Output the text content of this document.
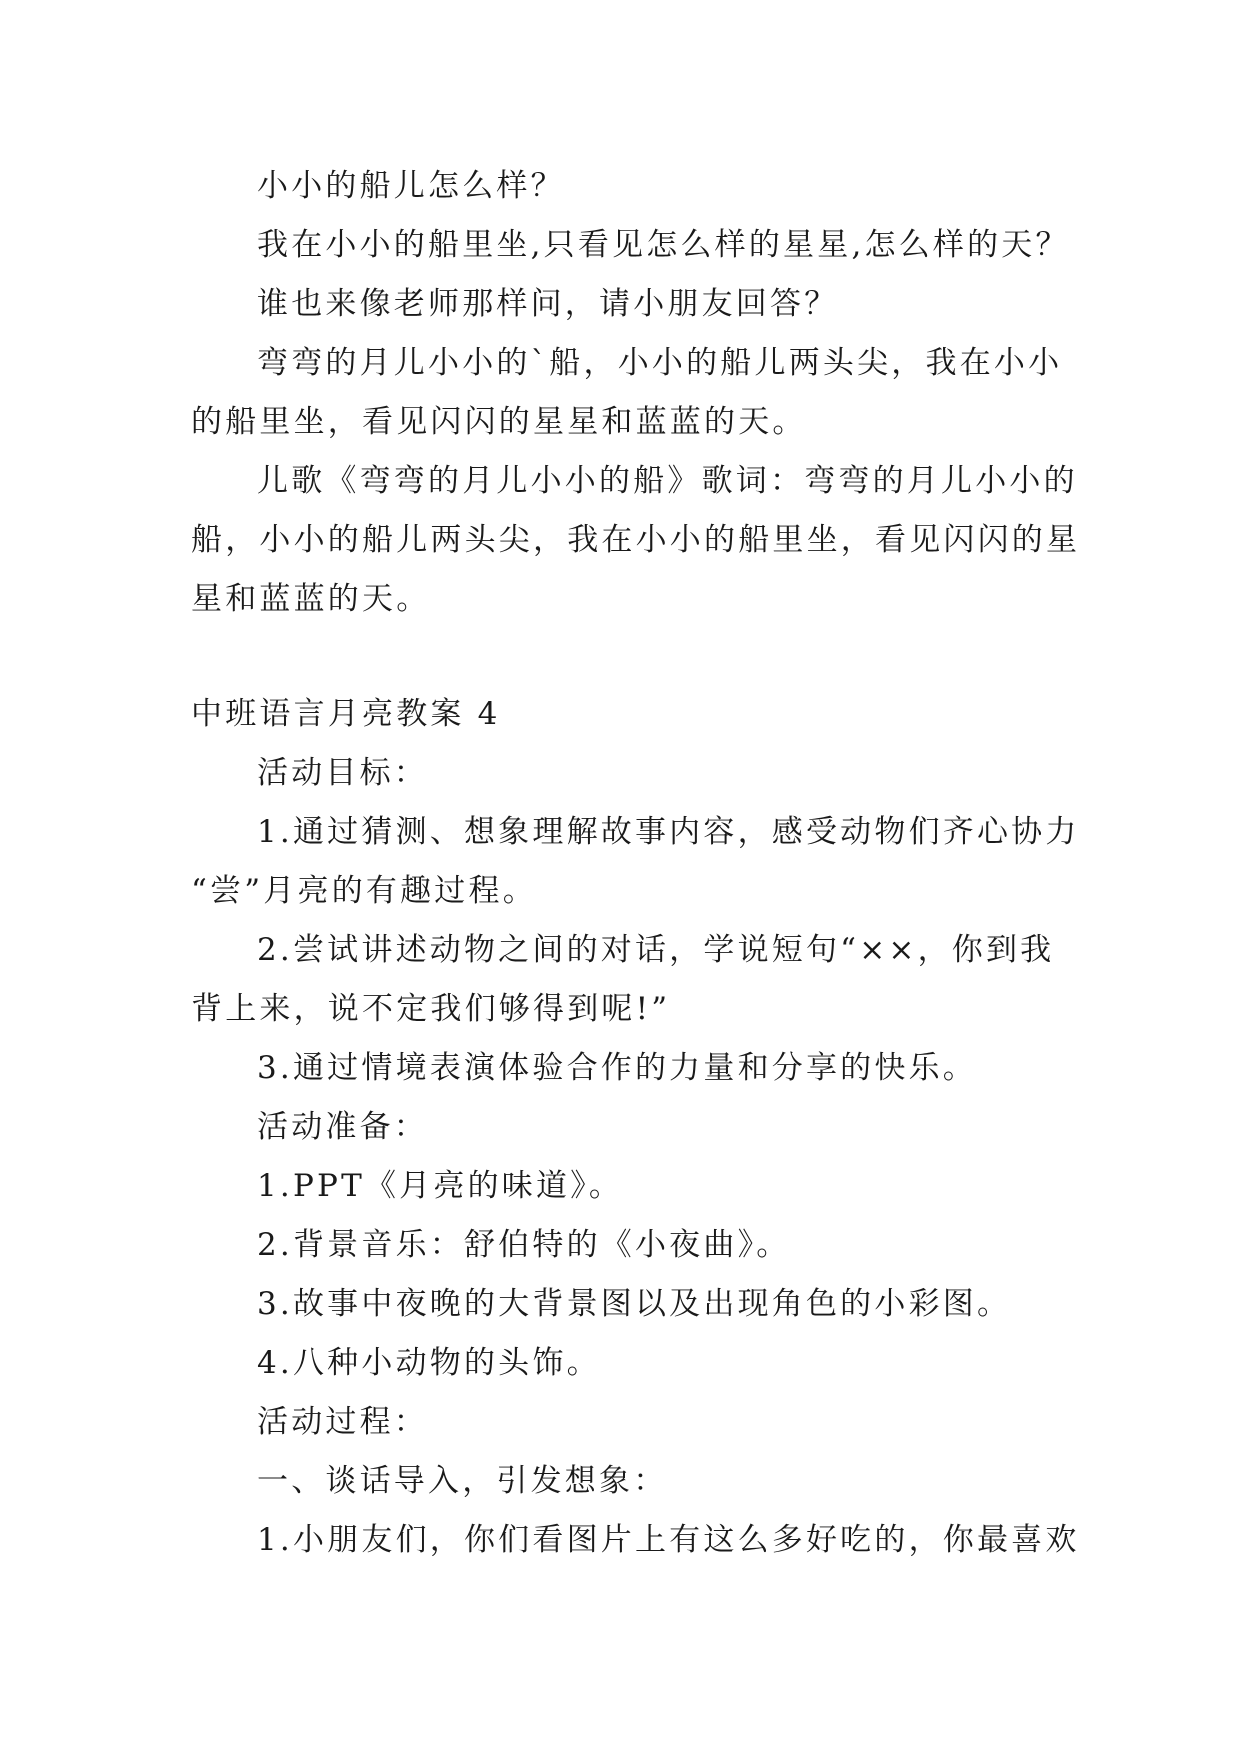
小小的船儿怎么样？
我在小小的船里坐,只看见怎么样的星星,怎么样的天？
谁也来像老师那样问，请小朋友回答？
弯弯的月儿小小的`船，小小的船儿两头尖，我在小小
的船里坐，看见闪闪的星星和蓝蓝的天。
儿歌《弯弯的月儿小小的船》歌词：弯弯的月儿小小的
船，小小的船儿两头尖，我在小小的船里坐，看见闪闪的星
星和蓝蓝的天。
中班语言月亮教案 4
活动目标：
1.通过猜测、想象理解故事内容，感受动物们齐心协力
“尝”月亮的有趣过程。
2.尝试讲述动物之间的对话，学说短句“××，你到我
背上来，说不定我们够得到呢!”
3.通过情境表演体验合作的力量和分享的快乐。
活动准备：
1.PPT《月亮的味道》。
2.背景音乐：舒伯特的《小夜曲》。
3.故事中夜晚的大背景图以及出现角色的小彩图。
4.八种小动物的头饰。
活动过程：
一、谈话导入，引发想象：
1.小朋友们，你们看图片上有这么多好吃的，你最喜欢
